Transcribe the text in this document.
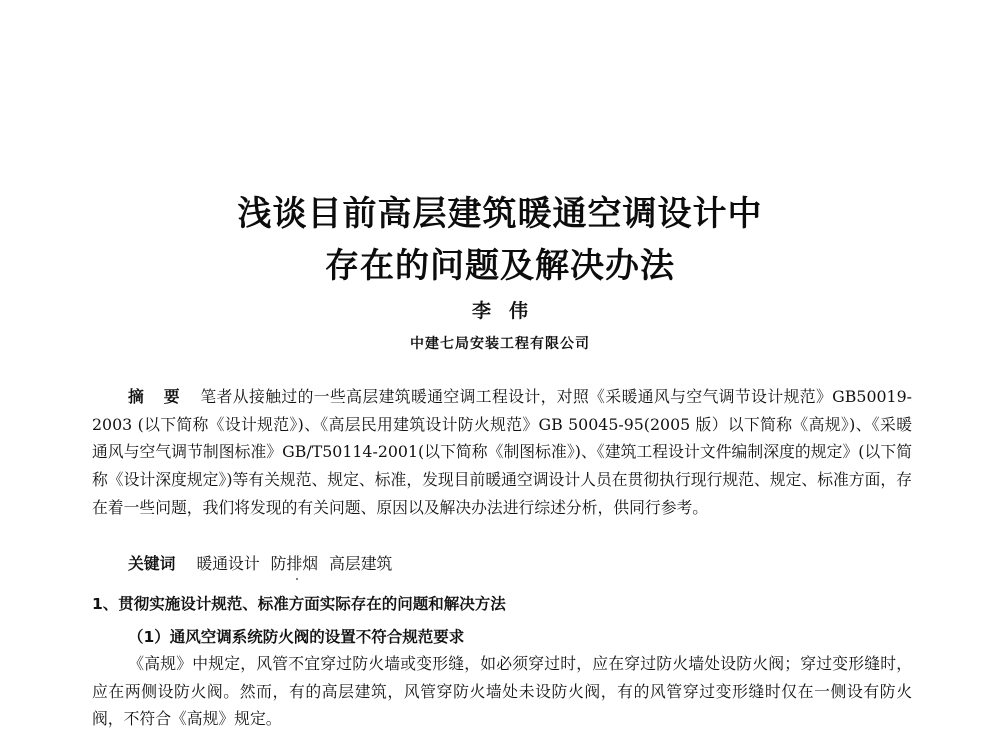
浅谈目前高层建筑暖通空调设计中
存在的问题及解决办法
李伟
中建七局安装工程有限公司

摘要笔者从接触过的一些高层建筑暖通空调工程设计，对照《采暖通风与空气调节设计规范》GB50019-2003 (以下简称《设计规范》)、《高层民用建筑设计防火规范》GB 50045-95(2005 版）以下简称《高规》)、《采暖通风与空气调节制图标准》GB/T50114-2001(以下简称《制图标准》)、《建筑工程设计文件编制深度的规定》(以下简称《设计深度规定》)等有关规范、规定、标准，发现目前暖通空调设计人员在贯彻执行现行规范、规定、标准方面，存在着一些问题，我们将发现的有关问题、原因以及解决办法进行综述分析，供同行参考。

关键词 暖通设计 防排烟 高层建筑
1、贯彻实施设计规范、标准方面实际存在的问题和解决方法
（1）通风空调系统防火阀的设置不符合规范要求

《高规》中规定，风管不宜穿过防火墙或变形缝，如必须穿过时，应在穿过防火墙处设防火阀；穿过变形缝时，应在两侧设防火阀。然而，有的高层建筑，风管穿防火墙处未设防火阀，有的风管穿过变形缝时仅在一侧设有防火阀，不符合《高规》规定。
